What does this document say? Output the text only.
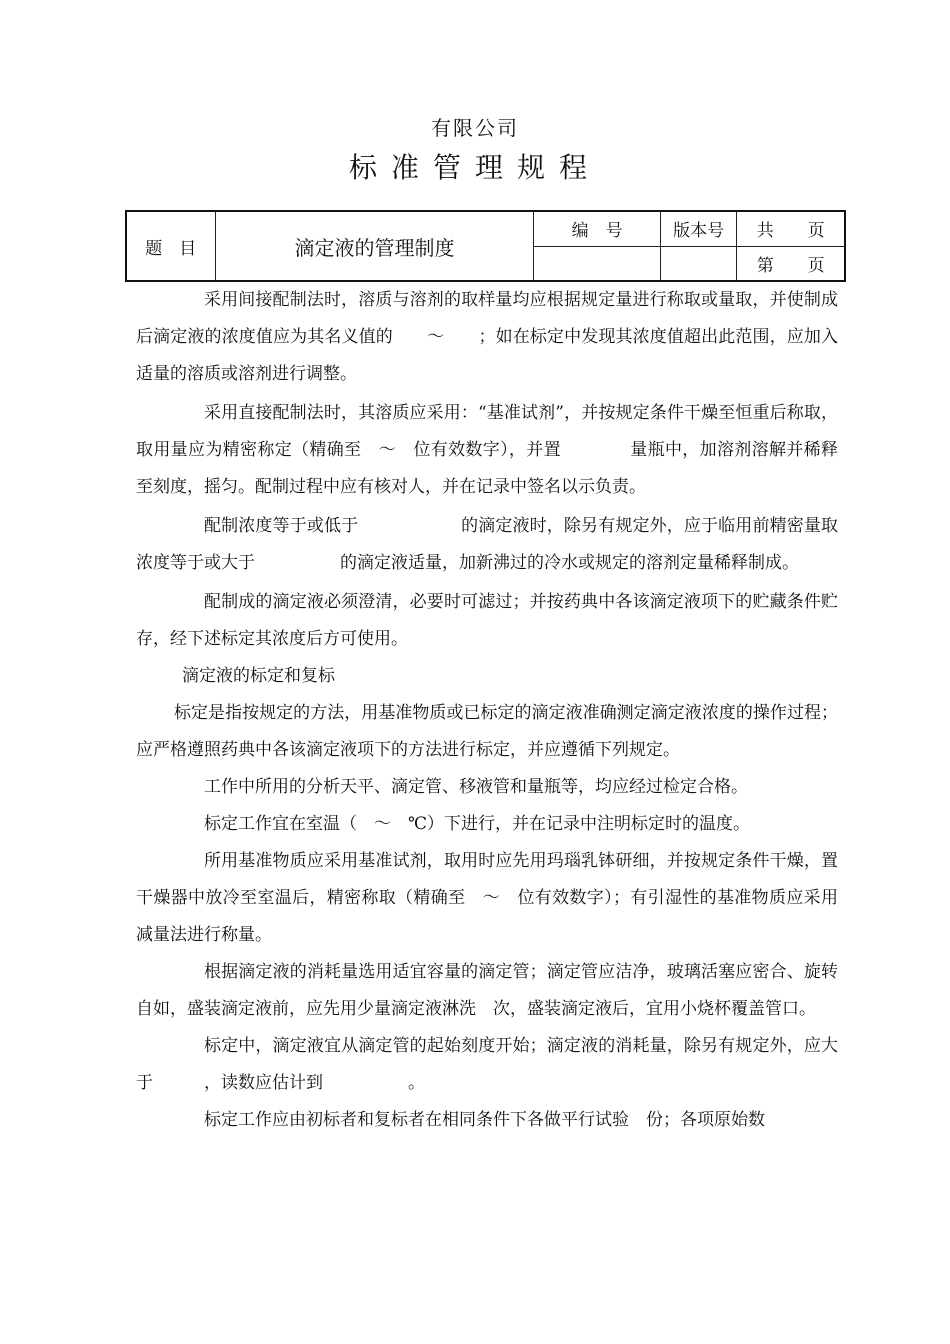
有限公司
标准管理规程
题　目	滴定液的管理制度	编　号	版本号	共　　页
				第　　页

采用间接配制法时，溶质与溶剂的取样量均应根据规定量进行称取或量取，并使制成后滴定液的浓度值应为其名义值的　　～　　；如在标定中发现其浓度值超出此范围，应加入适量的溶质或溶剂进行调整。

采用直接配制法时，其溶质应采用：“基准试剂”，并按规定条件干燥至恒重后称取，取用量应为精密称定（精确至　～　位有效数字），并置　　　　量瓶中，加溶剂溶解并稀释至刻度，摇匀。配制过程中应有核对人，并在记录中签名以示负责。

配制浓度等于或低于　　　　　　的滴定液时，除另有规定外，应于临用前精密量取浓度等于或大于　　　　　的滴定液适量，加新沸过的冷水或规定的溶剂定量稀释制成。

配制成的滴定液必须澄清，必要时可滤过；并按药典中各该滴定液项下的贮藏条件贮存，经下述标定其浓度后方可使用。

滴定液的标定和复标

标定是指按规定的方法，用基准物质或已标定的滴定液准确测定滴定液浓度的操作过程；应严格遵照药典中各该滴定液项下的方法进行标定，并应遵循下列规定。

工作中所用的分析天平、滴定管、移液管和量瓶等，均应经过检定合格。

标定工作宜在室温（　～　℃）下进行，并在记录中注明标定时的温度。

所用基准物质应采用基准试剂，取用时应先用玛瑙乳钵研细，并按规定条件干燥，置干燥器中放冷至室温后，精密称取（精确至　～　位有效数字）；有引湿性的基准物质应采用减量法进行称量。

根据滴定液的消耗量选用适宜容量的滴定管；滴定管应洁净，玻璃活塞应密合、旋转自如，盛装滴定液前，应先用少量滴定液淋洗　次，盛装滴定液后，宜用小烧杯覆盖管口。

标定中，滴定液宜从滴定管的起始刻度开始；滴定液的消耗量，除另有规定外，应大于　　　，读数应估计到　　　　　。

标定工作应由初标者和复标者在相同条件下各做平行试验　份；各项原始数
